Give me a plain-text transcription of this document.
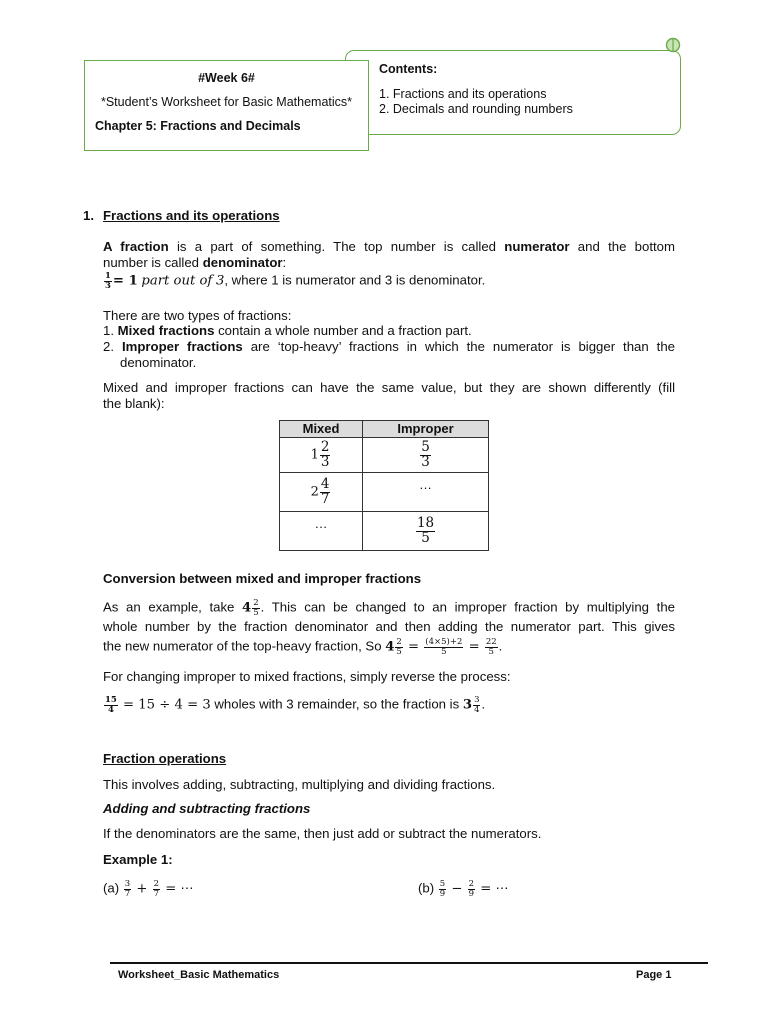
Contents:
1. Fractions and its operations
2. Decimals and rounding numbers
#Week 6#
*Student’s Worksheet for Basic Mathematics*
Chapter 5: Fractions and Decimals
1. Fractions and its operations
A fraction is a part of something. The top number is called numerator and the bottom
number is called denominator:
$\frac{1}{3} = 1$ part out of 3, where 1 is numerator and 3 is denominator.
There are two types of fractions:
1. Mixed fractions contain a whole number and a fraction part.
2. Improper fractions are ‘top-heavy’ fractions in which the numerator is bigger than the
denominator.
Mixed and improper fractions can have the same value, but they are shown differently (fill
the blank):
Mixed	Improper
$1 \frac{2}{3}$	$\frac{5}{3}$

$2 \frac{4}{7}$	…
…	$\frac{18}{5}$
Conversion between mixed and improper fractions
As an example, take $4 \frac{2}{5}$ . This can be changed to an improper fraction by multiplying the
whole number by the fraction denominator and then adding the numerator part. This gives
the new numerator of the top-heavy fraction, So $4 \frac{2}{5} = \frac{(4\times 5)+2}{5} = \frac{22}{5}$ .
For changing improper to mixed fractions, simply reverse the process:
$\frac{15}{4} = 15 \div 4 = 3$ wholes with 3 remainder, so the fraction is $3 \frac{3}{4}$ .
Fraction operations
This involves adding, subtracting, multiplying and dividing fractions.
Adding and subtracting fractions
If the denominators are the same, then just add or subtract the numerators.
Example 1:
$(a) \frac{3}{7} + \frac{2}{7}$ = ⋯	$(b) \frac{5}{9} - \frac{2}{9}$ = ⋯
Worksheet_Basic Mathematics	Page 1
